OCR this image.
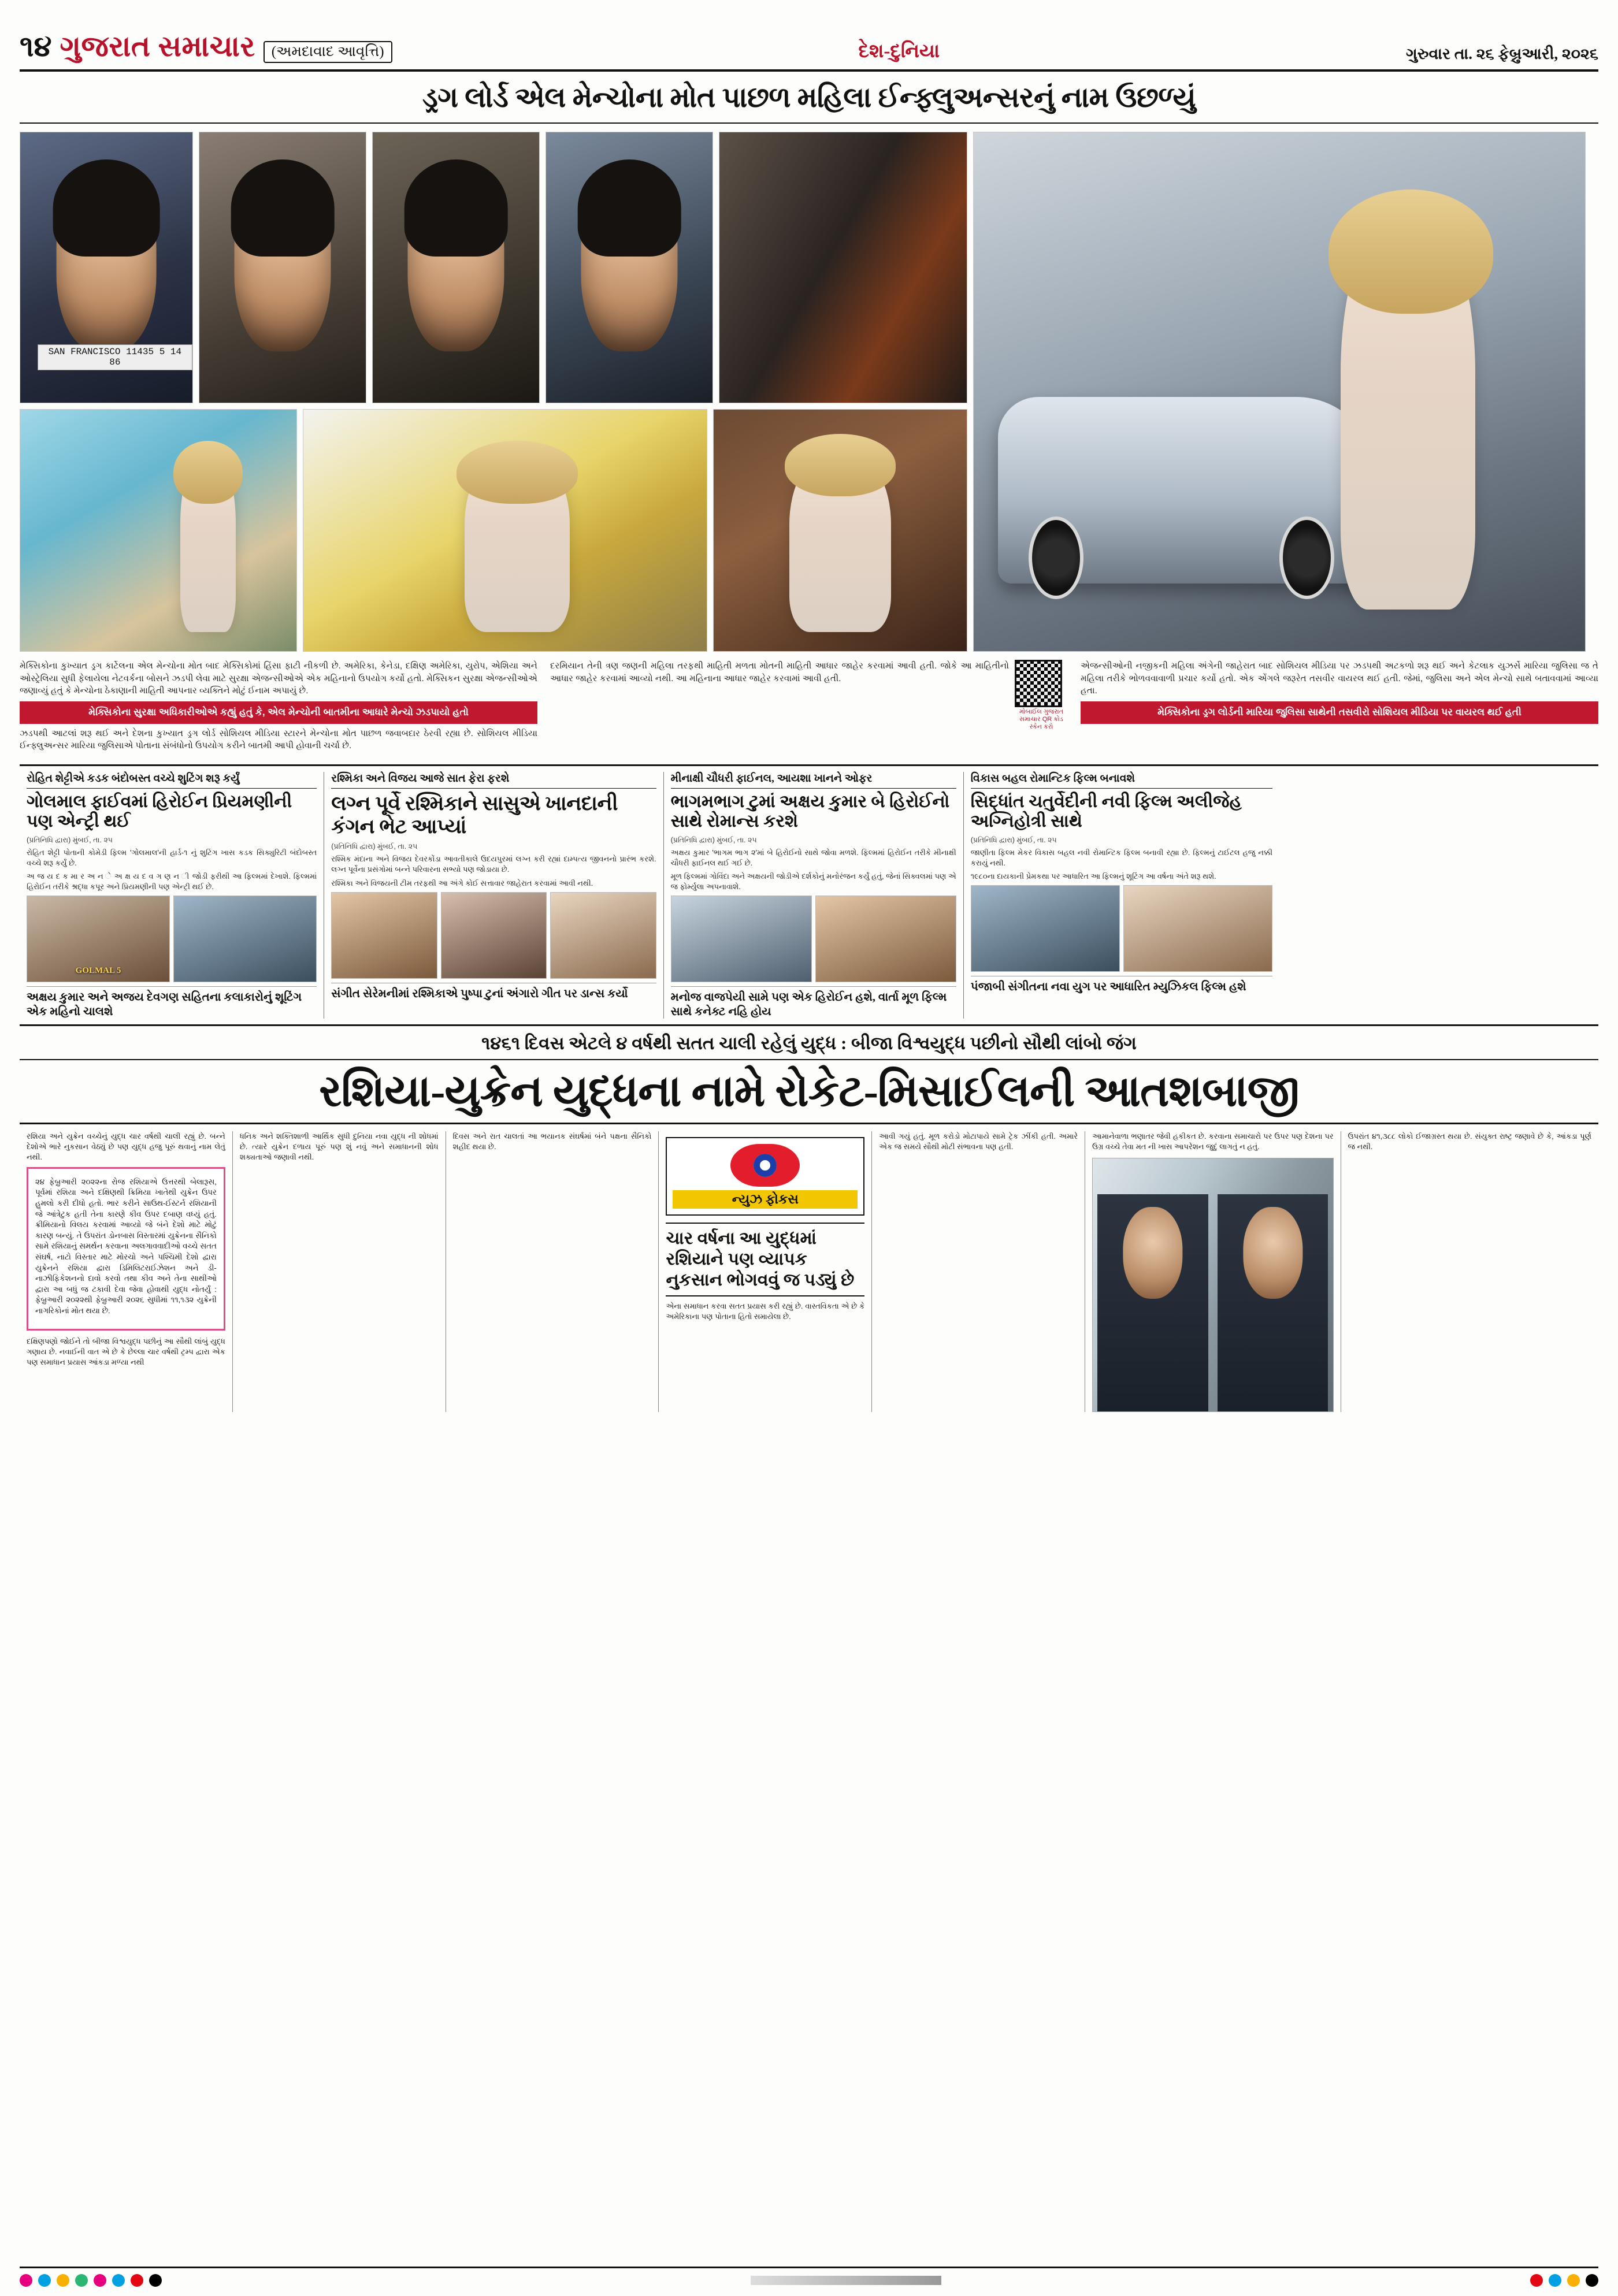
૧૪ ગુજરાત સમાચાર	(અમદાવાદ આવૃત્તિ)	દેશ-દુનિયા	ગુરુવાર તા. ૨૬ ફેબ્રુઆરી, ૨૦૨૬
ડ્રગ લોર્ડ એલ મેન્ચોના મોત પાછળ મહિલા ઈન્ફ્લુઅન્સરનું નામ ઉછળ્યું
SAN FRANCISCO 11435 5 14 86

મેક્સિકોના કુખ્યાત ડ્રગ કાર્ટેલના એલ મેન્ચોના મોત બાદ મેક્સિકોમાં હિંસા ફાટી નીકળી છે. અમેરિકા, કેનેડા, દક્ષિણ અમેરિકા, યુરોપ, એશિયા અને ઓસ્ટ્રેલિયા સુધી ફેલાયેલા નેટવર્કના બોસને ઝડપી લેવા માટે સુરક્ષા એજન્સીઓએ એક મહિનાનો ઉપયોગ કર્યો હતો. મેક્સિકન સુરક્ષા એજન્સીઓએ જણાવ્યું હતું કે મેન્ચોના ઠેકાણાની માહિતી આપનાર વ્યક્તિને મોટું ઈનામ અપાયું છે.

મેક્સિકોના સુરક્ષા અધિકારીઓએ કહ્યું હતું કે, એલ મેન્ચોની બાતમીના આધારે મેન્ચો ઝડપાયો હતો

ઝડપથી આટલાં શરૂ થઈ અને દેશના કુખ્યાત ડ્રગ લોર્ડ સોશિયલ મીડિયા સ્ટારને મેન્ચોના મોત પાછળ જવાબદાર ઠેરવી રહ્યા છે. સોશિયલ મીડિયા ઈન્ફ્લુઅન્સર મારિયા જુલિસાએ પોતાના સંબંધોનો ઉપયોગ કરીને બાતમી આપી હોવાની ચર્ચા છે.

મોબાઈલ ગુજરાત સમાચાર QR કોડ સ્કેન કરો

દરમિયાન તેની ત્રણ જણની મહિલા તરફથી માહિતી મળતા મોતની માહિતી આધાર જાહેર કરવામાં આવી હતી. જોકે આ માહિતીનો આધાર જાહેર કરવામાં આવ્યો નથી. આ મહિનાના આધાર જાહેર કરવામાં આવી હતી.

એજન્સીઓની નજીકની મહિલા અંગેની જાહેરાત બાદ સોશિયલ મીડિયા પર ઝડપથી અટકળો શરૂ થઈ અને કેટલાક યુઝર્સે મારિયા જુલિસા જ તે મહિલા તરીકે ભોળવવાવાળી પ્રચાર કર્યો હતો. એક એંગલે જરૂરેત તસવીર વાયરલ થઈ હતી. જેમાં, જુલિસા અને એલ મેન્ચો સાથે બતાવવામાં આવ્યા હતા.

મેક્સિકોના ડ્રગ લોર્ડની મારિયા જુલિસા સાથેની તસવીરો સોશિયલ મીડિયા પર વાયરલ થઈ હતી
રોહિત શેટ્ટીએ કડક બંદોબસ્ત વચ્ચે શુટિંગ શરૂ કર્યું
ગોલમાલ ફાઈવમાં હિરોઈન પ્રિયમણીની પણ એન્ટ્રી થઈ
(પ્રતિનિધિ દ્વારા) મુંબઈ, તા. ૨૫

રોહિત શેટ્ટી પોતાની કોમેડી ફિલ્મ 'ગોલમાલ'ની હાર્ડ-૧ નું શુટિંગ ખાસ કડક સિક્યુરિટી બંદોબસ્ત વચ્ચે શરૂ કર્યું છે.

અ જ ય દ ક મા ર અ ન ે અ ક્ષ ય દ વ ગ ણ ન ી જોડી ફરીથી આ ફિલ્મમાં દેખાશે. ફિલ્મમાં હિરોઈન તરીકે શ્રદ્ધા કપૂર અને પ્રિયમણીની પણ એન્ટ્રી થઈ છે.

GOLMAL 5
અક્ષય કુમાર અને અજય દેવગણ સહિતના કલાકારોનું શૂટિંગ એક મહિનો ચાલશે
રશ્મિકા અને વિજય આજે સાત ફેરા ફરશે
લગ્ન પૂર્વે રશ્મિકાને સાસુએ ખાનદાની કંગન ભેટ આપ્યાં
(પ્રતિનિધિ દ્વારા) મુંબઈ, તા. ૨૫

રશ્મિક મંદાના અને વિજય દેવરકોંડા આવતીકાલે ઉદયપુરમાં લગ્ન કરી રહ્યાં દામ્પત્ય જીવનનો પ્રારંભ કરશે. લગ્ન પૂર્વેના પ્રસંગોમાં બન્ને પરિવારના સભ્યો પણ જોડાયા છે.

રશ્મિકા અને વિજયની ટીમ તરફથી આ અંગે કોઈ સત્તાવાર જાહેરાત કરવામાં આવી નથી.

સંગીત સેરેમનીમાં રશ્મિકાએ પુષ્પા ટુનાં અંગારો ગીત પર ડાન્સ કર્યો
મીનાક્ષી ચૌધરી ફાઈનલ, આયશા ખાનને ઓફર
ભાગમભાગ ટુમાં અક્ષય કુમાર બે હિરોઈનો સાથે રોમાન્સ કરશે
(પ્રતિનિધિ દ્વારા) મુંબઈ, તા. ૨૫

અક્ષય કુમાર 'ભાગમ ભાગ ૨'માં બે હિરોઈનો સાથે જોવા મળશે. ફિલ્મમાં હિરોઈન તરીકે મીનાક્ષી ચૌધરી ફાઈનલ થઈ ગઈ છે.

મૂળ ફિલ્મમાં ગોવિંદા અને અક્ષયની જોડીએ દર્શકોનું મનોરંજન કર્યું હતું, જેનાં સિક્વલમાં પણ એ જ ફોર્મ્યુલા અપનાવાશે.

મનોજ વાજપેયી સામે પણ એક હિરોઈન હશે, વાર્તા મૂળ ફિલ્મ સાથે કનેક્ટ નહિ હોય
વિકાસ બહલ રોમાન્ટિક ફિલ્મ બનાવશે
સિદ્ધાંત ચતુર્વેદીની નવી ફિલ્મ અલીજેહ અગ્નિહોત્રી સાથે
(પ્રતિનિધિ દ્વારા) મુંબઈ, તા. ૨૫

જાણીતા ફિલ્મ મેકર વિકાસ બહલ નવી રોમાન્ટિક ફિલ્મ બનાવી રહ્યા છે. ફિલ્મનું ટાઈટલ હજુ નક્કી કરાયું નથી.

૧૯૮૦ના દાયકાની પ્રેમકથા પર આધારિત આ ફિલ્મનું શૂટિંગ આ વર્ષના અંતે શરૂ થશે.

પંજાબી સંગીતના નવા યુગ પર આધારિત મ્યુઝિકલ ફિલ્મ હશે
૧૪૬૧ દિવસ એટલે ૪ વર્ષથી સતત ચાલી રહેલું યુદ્ધ : બીજા વિશ્વયુદ્ધ પછીનો સૌથી લાંબો જંગ
રશિયા-યુક્રેન યુદ્ધના નામે રોકેટ-મિસાઈલની આતશબાજી

રશિયા અને યુક્રેન વચ્ચેનું યુદ્ધ ચાર વર્ષથી ચાલી રહ્યું છે. બન્ને દેશોએ ભારે નુકસાન વેઠ્યું છે પણ યુદ્ધ હજુ પૂરું થવાનું નામ લેતું નથી.

૨૪ ફેબ્રુઆરી ૨૦૨૨ના રોજ રશિયાએ ઉત્તરથી બેલારૂસ, પૂર્વમાં રશિયા અને દક્ષિણથી ક્રિમિયા ખાતેથી યુક્રેન ઉપર હુમલો કરી દીધો હતો. ભાર કરીને સાઉથ-ઈસ્ટર્ન રશિયાની જે આંત્રેટુક હતી તેના કારણે કીવ ઉપર દબાણ વધ્યું હતું. ક્રીમિયાનો વિલય કરવામાં આવ્યો જે બંને દેશો માટે મોટું કારણ બન્યું. તે ઉપરાંત ડોનબાસ વિસ્તારમાં યુક્રેનના સૈનિકો સામે રશિયાનું સમર્થન કરવાના અલગાવવાદીઓ વચ્ચે સતત સંઘર્ષ, નાટો વિસ્તાર માટે મોરચો અને પશ્ચિમી દેશો દ્વારા યુક્રેનને રશિયા દ્વારા ડિમિલિટરાઈઝેશન અને ડી-નાઝીફિકેશનનો દાવો કરવો તથા કીવ અને તેના સાથીઓ દ્વારા આ બધું જ ટકાવી દેવા જેવા હોવાથી યુદ્ધ નોતર્યું : ફેબ્રુઆરી ૨૦૨૨થી ફેબ્રુઆરી ૨૦૨૬ સુધીમાં ૧૧,૧૩૨ યુક્રેની નાગરિકોનાં મોત થયા છે.

દક્ષિણપણો જોઈને તો બીજા વિશ્વયુદ્ધ પછીનું આ સૌથી લાંબું યુદ્ધ ગણાય છે. નવાઈની વાત એ છે કે છેલ્લા ચાર વર્ષથી ટ્રમ્પ દ્વારા એક પણ સમાધાન પ્રયાસ આંકડા મળ્યા નથી

ધનિક અને શક્તિશાળી આર્થિક સુધી દુનિયા નવા યુદ્ધ ની શોધમાં છે. ત્યારે યુક્રેન દળાય પૂરું પણ શું નવું અને સમાધાનની શોધ શક્યતાઓ જણાવી નથી.

દિવસ અને રાત ચાલતાં આ ભયાનક સંઘર્ષમાં બંને પક્ષના સૈનિકો શહીદ થયા છે.

ન્યુઝ ફોકસ
ચાર વર્ષના આ યુદ્ધમાં રશિયાને પણ વ્યાપક નુકસાન ભોગવવું જ પડ્યું છે

એના સમાધાન કરવા સતત પ્રયાસ કરી રહ્યું છે. વાસ્તવિકતા એ છે કે અમેરિકાના પણ પોતાના હિતો સમાયેલા છે.

આવી ગયું હતું. મૂળ કરોડો મોટાપાયે સામે ટ્રેક ઝીંકી હતી. અમારે એક જ સમયે સૌથી મોટી સંભાવના પણ હતી.

આમાનેવાળા ભણાતર જેવી હકીકત છે. કરવાના સમાચારો પર ઉપર પણ દેશના પર ઉગ્ર વચ્ચે તેવા મત ની ખાસ આપરેશન જુદું લાગતું ન હતું.

ઉપરાંત ૪૧,૩૮૮ લોકો ઈજાગ્રસ્ત થયા છે. સંયુક્ત રાષ્ટ્ર જણાવે છે કે, આંકડા પૂર્ણ જ નથી.
